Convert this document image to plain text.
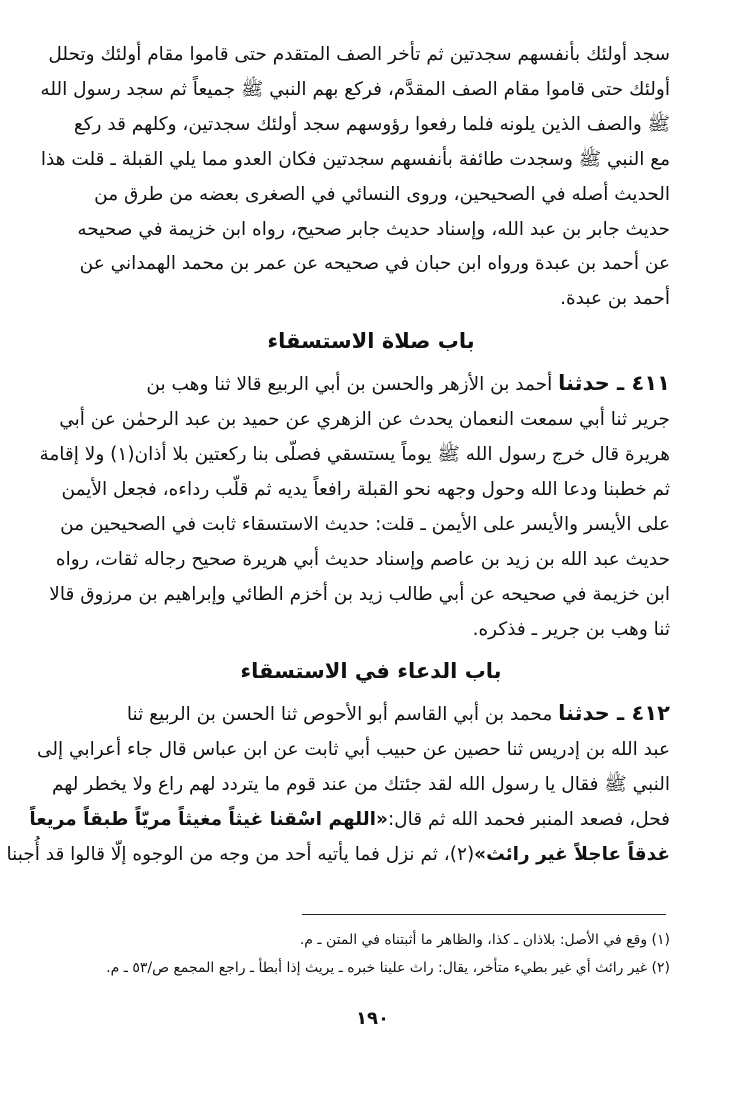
سجد أولئك بأنفسهم سجدتين ثم تأخر الصف المتقدم حتى قاموا مقام أولئك وتحلل
أولئك حتى قاموا مقام الصف المقدَّم، فركع بهم النبي ﷺ جميعاً ثم سجد رسول الله
ﷺ والصف الذين يلونه فلما رفعوا رؤوسهم سجد أولئك سجدتين، وكلهم قد ركع
مع النبي ﷺ وسجدت طائفة بأنفسهم سجدتين فكان العدو مما يلي القبلة ـ قلت هذا
الحديث أصله في الصحيحين، وروى النسائي في الصغرى بعضه من طرق من
حديث جابر بن عبد الله، وإسناد حديث جابر صحيح، رواه ابن خزيمة في صحيحه
عن أحمد بن عبدة ورواه ابن حبان في صحيحه عن عمر بن محمد الهمداني عن
أحمد بن عبدة.
باب صلاة الاستسقاء
٤١١ ـ حدثنا أحمد بن الأزهر والحسن بن أبي الربيع قالا ثنا وهب بن
جرير ثنا أبي سمعت النعمان يحدث عن الزهري عن حميد بن عبد الرحمٰن عن أبي
هريرة قال خرج رسول الله ﷺ يوماً يستسقي فصلّى بنا ركعتين بلا أذان(١) ولا إقامة
ثم خطبنا ودعا الله وحول وجهه نحو القبلة رافعاً يديه ثم قلّب رداءه، فجعل الأيمن
على الأيسر والأيسر على الأيمن ـ قلت: حديث الاستسقاء ثابت في الصحيحين من
حديث عبد الله بن زيد بن عاصم وإسناد حديث أبي هريرة صحيح رجاله ثقات، رواه
ابن خزيمة في صحيحه عن أبي طالب زيد بن أخزم الطائي وإبراهيم بن مرزوق قالا
ثنا وهب بن جرير ـ فذكره.
باب الدعاء في الاستسقاء
٤١٢ ـ حدثنا محمد بن أبي القاسم أبو الأحوص ثنا الحسن بن الربيع ثنا
عبد الله بن إدريس ثنا حصين عن حبيب أبي ثابت عن ابن عباس قال جاء أعرابي إلى
النبي ﷺ فقال يا رسول الله لقد جئتك من عند قوم ما يتردد لهم راع ولا يخطر لهم
فحل، فصعد المنبر فحمد الله ثم قال:«اللهم اسْقنا غيثاً مغيثاً مريّاً طبقاً مريعاً
غدقاً عاجلاً غير رائث»(٢)، ثم نزل فما يأتيه أحد من وجه من الوجوه إلّا قالوا قد أُجبنا
(١) وقع في الأصل: بلاذان ـ كذا، والظاهر ما أثبتناه في المتن ـ م.
(٢) غير رائث أي غير بطيء متأخر، يقال: راث علينا خبره ـ يريث إذا أبطأ ـ راجع المجمع ص/٥٣ ـ م.
١٩٠
